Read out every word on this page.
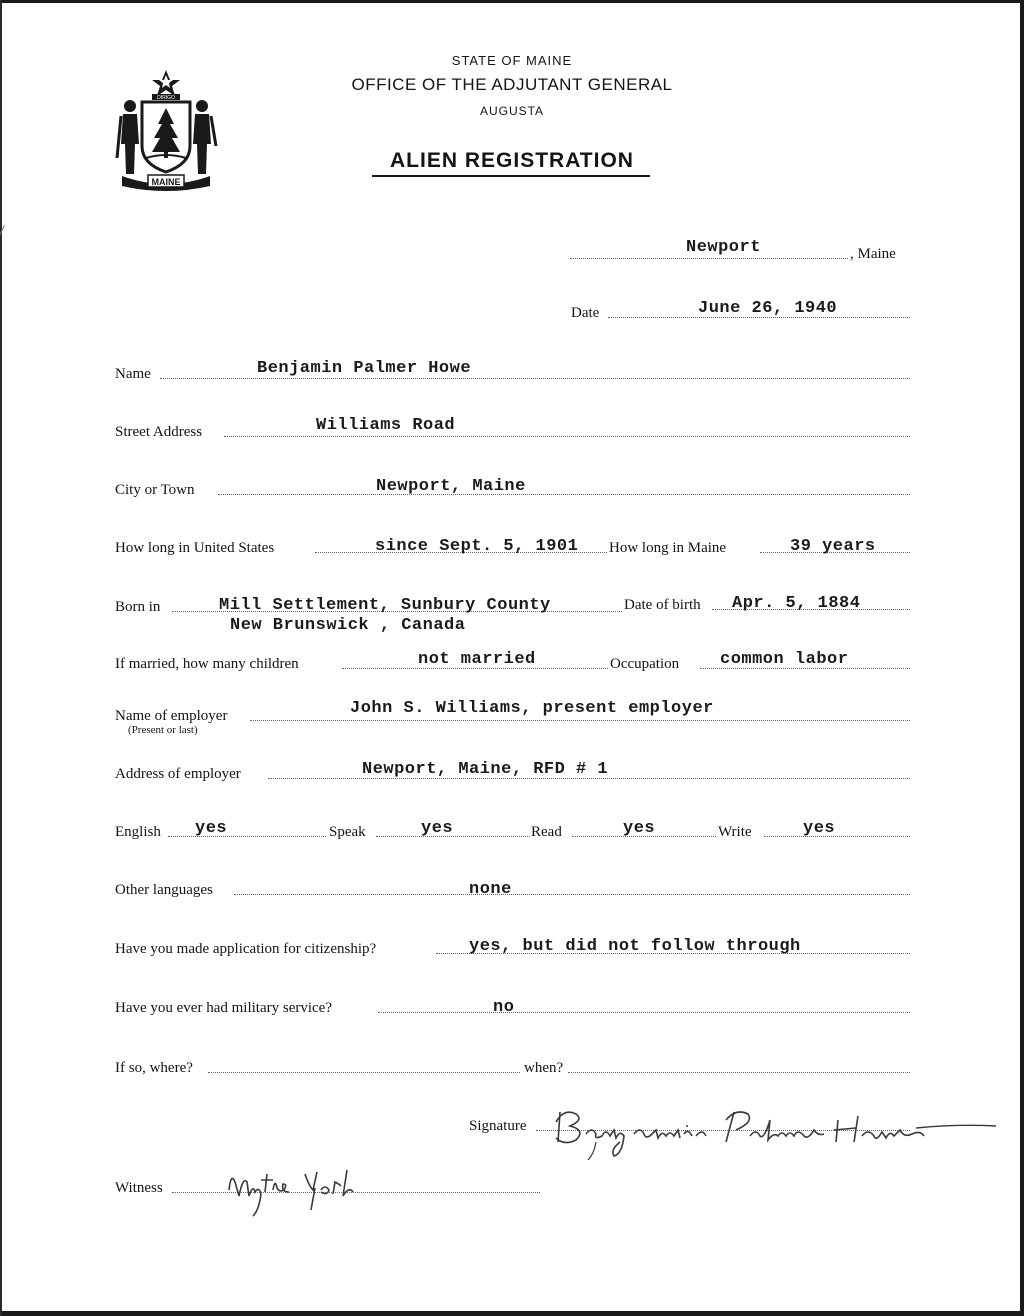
MAINE
DIRIGO
STATE OF MAINE
OFFICE OF THE ADJUTANT GENERAL
AUGUSTA
ALIEN REGISTRATION
Newport	, Maine
Date	June 26, 1940
Name	Benjamin Palmer Howe
Street Address	Williams Road
City or Town	Newport, Maine
How long in United States	since Sept. 5, 1901 How long in Maine	39 years
Born in	Mill Settlement, Sunbury County
New Brunswick , Canada
Date of birth Apr. 5, 1884
If married, how many children	not married	Occupation common labor
Name of employer
(Present or last)
John S. Williams, present employer
Address of employer	Newport, Maine, RFD # 1
English yes	Speak	yes	Read	yes	Write	yes
Other languages	none
Have you made application for citizenship?	yes, but did not follow through
Have you ever had military service?	no
If so, where?	when?
Signature
Witness
